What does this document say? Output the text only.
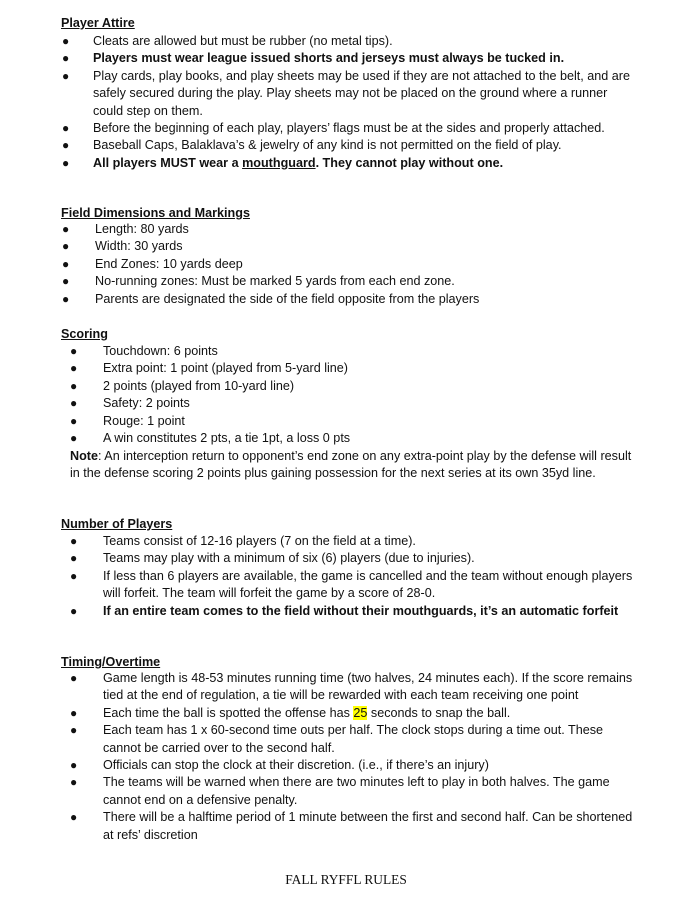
Player Attire
● Cleats are allowed but must be rubber (no metal tips).
● Players must wear league issued shorts and jerseys must always be tucked in.
● Play cards, play books, and play sheets may be used if they are not attached to the belt, and are safely secured during the play. Play sheets may not be placed on the ground where a runner could step on them.
● Before the beginning of each play, players’ flags must be at the sides and properly attached.
● Baseball Caps, Balaklava’s & jewelry of any kind is not permitted on the field of play.
● All players MUST wear a mouthguard. They cannot play without one.
Field Dimensions and Markings
● Length: 80 yards
● Width: 30 yards
● End Zones: 10 yards deep
● No-running zones: Must be marked 5 yards from each end zone.
● Parents are designated the side of the field opposite from the players
Scoring
● Touchdown: 6 points
● Extra point: 1 point (played from 5-yard line)
● 2 points (played from 10-yard line)
● Safety: 2 points
● Rouge: 1 point
● A win constitutes 2 pts, a tie 1pt, a loss 0 pts
Note: An interception return to opponent’s end zone on any extra-point play by the defense will result in the defense scoring 2 points plus gaining possession for the next series at its own 35yd line.
Number of Players
● Teams consist of 12-16 players (7 on the field at a time).
● Teams may play with a minimum of six (6) players (due to injuries).
● If less than 6 players are available, the game is cancelled and the team without enough players will forfeit. The team will forfeit the game by a score of 28-0.
● If an entire team comes to the field without their mouthguards, it’s an automatic forfeit
Timing/Overtime
● Game length is 48-53 minutes running time (two halves, 24 minutes each). If the score remains tied at the end of regulation, a tie will be rewarded with each team receiving one point
● Each time the ball is spotted the offense has 25 seconds to snap the ball.
● Each team has 1 x 60-second time outs per half. The clock stops during a time out. These cannot be carried over to the second half.
● Officials can stop the clock at their discretion. (i.e., if there’s an injury)
● The teams will be warned when there are two minutes left to play in both halves. The game cannot end on a defensive penalty.
● There will be a halftime period of 1 minute between the first and second half. Can be shortened at refs’ discretion
FALL RYFFL RULES
